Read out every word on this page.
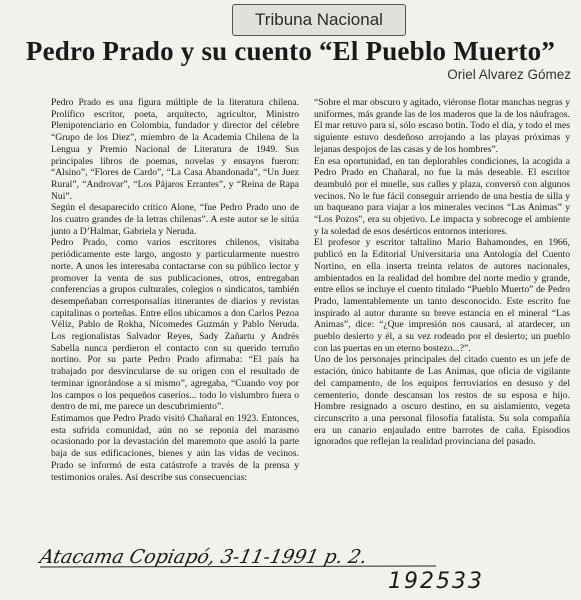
Tribuna Nacional
Pedro Prado y su cuento “El Pueblo Muerto”
Oriel Alvarez Gómez

Pedro Prado es una figura múltiple de la literatura chilena. Prolífico escritor, poeta, arquitecto, agricultor, Ministro Plenipotenciario en Colombia, fundador y director del célebre “Grupo de los Diez”, miembro de la Academia Chilena de la Lengua y Premio Nacional de Literatura de 1949. Sus principales libros de poemas, novelas y ensayos fueron: “Alsino”, “Flores de Cardo”, “La Casa Abandonada”, “Un Juez Rural”, “Androvar”, “Los Pájaros Errantes”, y “Reina de Rapa Nui”.

Según el desaparecido crítico Alone, “fue Pedro Prado uno de los cuatro grandes de la letras chilenas”. A este autor se le sitúa junto a D’Halmar, Gabriela y Neruda.

Pedro Prado, como varios escritores chilenos, visitaba periódicamente este largo, angosto y particularmente nuestro norte. A unos les interesaba contactarse con su público lector y promover la venta de sus publicaciones, otros, entregaban conferencias a grupos culturales, colegios o sindicatos, también desempeñaban corresponsalías itinerantes de diarios y revistas capitalinas o porteñas. Entre ellos ubicamos a don Carlos Pezoa Véliz, Pablo de Rokha, Nicomedes Guzmán y Pablo Neruda. Los regionalistas Salvador Reyes, Sady Zañartu y Andrés Sabella nunca perdieron el contacto con su querido terruño nortino. Por su parte Pedro Prado afirmaba: “El país ha trabajado por desvincularse de su origen con el resultado de terminar ignorándose a sí mismo”, agregaba, “Cuando voy por los campos o los pequeños caseríos... todo lo vislumbro fuera o dentro de mí, me parece un descubrimiento”.

Estimamos que Pedro Prado visitó Chañaral en 1923. Entonces, esta sufrida comunidad, aún no se reponía del marasmo ocasionado por la devastación del maremoto que asoló la parte baja de sus edificaciones, bienes y aún las vidas de vecinos. Prado se informó de esta catástrofe a través de la prensa y testimonios orales. Así describe sus consecuencias:

“Sobre el mar obscuro y agitado, viéronse flotar manchas negras y uniformes, más grande las de los maderos que la de los náufragos. El mar retuvo para sí, sólo escaso botín. Todo el día, y todo el mes siguiente estuvo desdeñoso arrojando a las playas próximas y lejanas despojos de las casas y de los hombres”.

En esa oportunidad, en tan deplorables condiciones, la acogida a Pedro Prado en Chañaral, no fue la más deseable. El escritor deambuló por el muelle, sus calles y plaza, conversó con algunos vecinos. No le fue fácil conseguir arriendo de una bestia de silla y un baqueano para viajar a los minerales vecinos “Las Animas” y “Los Pozos”, era su objetivo. Le impacta y sobrecoge el ambiente y la soledad de esos desérticos entornos interiores.

El profesor y escritor taltalino Mario Bahamondes, en 1966, publicó en la Editorial Universitaria una Antología del Cuento Nortino, en ella inserta treinta relatos de autores nacionales, ambientados en la realidad del hombre del norte medio y grande, entre ellos se incluye el cuento titulado “Pueblo Muerto” de Pedro Prado, lamentablemente un tanto desconocido. Este escrito fue inspirado al autor durante su breve estancia en el mineral “Las Animas”, dice: “¿Que impresión nos causará, al atardecer, un pueblo desierto y él, a su vez rodeado por el desierto; un pueblo con las puertas en un eterno bostezo...?”.

Uno de los personajes principales del citado cuento es un jefe de estación, único habitante de Las Animas, que oficia de vigilante del campamento, de los equipos ferroviarios en desuso y del cementerio, donde descansan los restos de su esposa e hijo. Hombre resignado a oscuro destino, en su aislamiento, vegeta circunscrito a una personal filosofía fatalista. Su sola compañía era un canario enjaulado entre barrotes de caña. Episodios ignorados que reflejan la realidad provinciana del pasado.

Atacama Copiapó, 3-11-1991 p. 2.
192533
